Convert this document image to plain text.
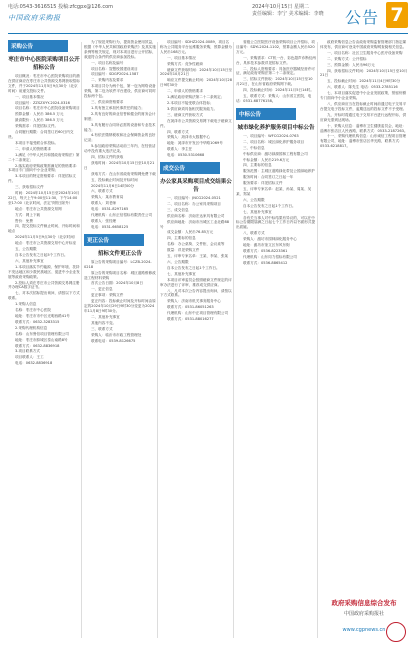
电话:0543-3616515 投稿:zfcgpx@126.com
中国政府采购报
2024年10月15日 星期二
责任编辑：李宁 美术编辑：李晓 公告 7
采购公告
枣庄市中心医院采购项目公开招标公告
项目概况：枣庄市中心医院采购项目的潜在供应商应在枣庄市公共资源交易网获取招标文件，并于2024年11月5日9点30分（北京时间）前递交投标文件。
一、项目基本情况
项目编号：ZZSZXYY-2024-0316
项目名称：枣庄市中心医院设备采购项目
预算金额：人民币 386.5 万元
最高限价：人民币 386.5 万元
采购需求：详见招标文件。
合同履行期限：合同签订后60日内交货。
本项目不接受联合体投标。
二、申请人的资格要求
1.满足《中华人民共和国政府采购法》第二十二条规定；
2.落实政府采购政策需满足的资格要求：本项目专门面向中小企业采购；
3.本项目的特定资格要求：详见招标文件。
三、获取招标文件
时间：2024年10月15日至2024年10月22日，每天上午9:00至11:30，下午14:00至17:00（北京时间，法定节假日除外）
地点：枣庄市公共资源交易网
方式：网上下载
售价：免费
四、提交投标文件截止时间、开标时间和地点
2024年11月5日9点30分（北京时间）
地点：枣庄市公共资源交易中心开标室
五、公告期限
自本公告发布之日起5个工作日。
六、其他补充事宜
1.本项目落实节约能源、保护环境、扶持不发达地区和少数民族地区、促进中小企业发展等政府采购政策。
2.投标人须在枣庄市公共资源交易网注册并办理CA数字证书。
七、对本次招标提出询问，请按以下方式联系。
1.采购人信息
名称：枣庄市中心医院
地址：枣庄市市中区光明西路41号
联系方式：0632-3283315
2.采购代理机构信息
名称：山东鲁信项目管理有限公司
地址：枣庄市薛城区泰山南路8号
联系方式：0632-8836918
3.项目联系方式
项目联系人：王工
电话：0632-8836918
为了规范采购行为，提高资金使用效益，根据《中华人民共和国政府采购法》及其实施条例等相关规定，现对本项目进行公开招标，欢迎符合条件的供应商参加投标。
一、项目名称及编号
项目名称：智慧校园建设项目
项目编号：SDGP2024-1587
二、采购内容及要求
本项目共分为两个包，第一包为网络设备采购，第二包为软件平台建设，供应商可同时投标两个包。
三、供应商资格要求
1.具有独立承担民事责任的能力；
2.具有良好的商业信誉和健全的财务会计制度；
3.具有履行合同所必需的设备和专业技术能力；
4.有依法缴纳税收和社会保障资金的良好记录；
5.参加政府采购活动前三年内，在经营活动中没有重大违法记录。
四、招标文件的获取
获取时间：2024年10月15日至10月21日
获取方式：在山东省政府采购网免费下载
五、投标截止时间及开标时间
2024年11月6日14时00分
六、联系方式
采购人：某市教育局
联系人：刘老师
电话：0531-8297165
代理机构：山东正信招标有限责任公司
联系人：张经理
电话：0531-6658125
更正公告
招标文件更正公告
原公告的采购项目编号：LCZB-2024-0218
原公告的采购项目名称：城区道路维修改造工程材料采购
首次公告日期：2024年10月8日
一、更正信息
更正事项：采购文件
更正内容：投标截止时间及开标时间由原定的2024年10月29日9时30分变更为2024年11月8日9时30分。
二、其他补充事宜
其他内容不变。
三、联系方式
采购人：临沂市市政工程管理处
联系电话：0539-8126675
项目编号：SDHZ2024-0089，项目名称为公共服务平台运维服务采购，预算金额为人民币168万元。
一、项目基本情况
采购方式：竞争性磋商
磋商文件获取时间：2024年10月15日至2024年10月21日
响应文件提交截止时间：2024年10月28日9时30分
二、申请人的资格要求
1.满足政府采购法第二十二条规定；
2.本项目不接受联合体投标；
3.供应商须具备相关服务能力。
三、磋商文件获取方式
在菏泽市公共资源交易网下载电子磋商文件。
四、联系方式
采购人：菏泽市大数据中心
地址：菏泽市开发区中华路1069号
联系人：李主任
电话：0530-5310668
成交公告
办公家具采购项目成交结果公告
一、项目编号：JNCG2024-0521
二、项目名称：办公家具采购项目
三、成交信息
供应商名称：济南宏达家具有限公司
供应商地址：济南市历城区工业北路88号
成交金额：人民币76.85万元
四、主要标的信息
名称：办公桌椅、文件柜、会议桌等
数量：详见采购文件
五、评审专家名单：王某、李某、张某
六、公告期限
自本公告发布之日起1个工作日。
七、其他补充事宜
本项目评审委员会按照磋商文件规定的评审办法进行了评审，推荐成交供应商。
八、凡对本次公告内容提出询问，请按以下方式联系。
采购人：济南市机关事务服务中心
联系方式：0531-86051263
代理机构：山东中正项目管理有限公司
联系方式：0531-88016277
省级公立医院医疗设备采购项目公开招标，项目编号：SDYL2024-1102，预算金额人民币520万元。
一、采购需求：CT机一台、彩色超声诊断仪两台，具体技术参数详见招标文件。
二、投标人资格要求：具备医疗器械经营许可证，满足政府采购法第二十二条规定。
三、招标文件获取：2024年10月15日至10月21日，在山东省政府采购网下载。
四、投标截止时间：2024年11月5日14时。
五、联系方式：采购人：山东省立医院，电话：0531-68776158。
中标公告
城市绿化养护服务项目中标公告
一、项目编号：WFCG2024-0763
二、项目名称：城区绿化养护服务项目
三、中标信息
中标供应商：潍坊绿源园林工程有限公司
中标金额：人民币219.6万元
四、主要标的信息
服务范围：主城区道路绿化带及公园绿地养护
服务时间：合同签订之日起一年
服务要求：详见招标文件
五、评审专家名单：赵某、孙某、周某、吴某、郑某
六、公告期限
自本公告发布之日起1个工作日。
七、其他补充事宜
各有关当事人对中标结果有异议的，可以在中标公告期限届满之日起七个工作日内以书面形式提出质疑。
八、联系方式
采购人：潍坊市园林绿化服务中心
地址：潍坊市奎文区东风东街
联系方式：0536-8223361
代理机构：山东同力招标有限公司
联系方式：0536-8865412
政府采购信息公告由政府采购监督管理部门指定媒体发布，供应商可登录中国政府采购网查阅相关信息。
一、项目名称：社区卫生服务中心医疗设备采购
二、采购方式：公开招标
三、预算金额：人民币96万元
四、获取招标文件时间：2024年10月15日至10月21日
五、投标截止时间：2024年11月4日9时30分
六、联系人：陈先生 电话：0533-2785116
七、本项目落实促进中小企业发展政策，预留份额专门面向中小企业采购。
八、供应商应当在投标截止时间前通过电子交易平台提交电子投标文件，逾期送达的投标文件不予受理。
九、开标时将通过电子交易平台进行远程开标，供应商无需到达现场。
十、采购人信息：淄博市卫生健康委员会，地址：淄博市张店区人民西路，联系方式：0533-2187263。
十一、采购代理机构信息：山东诚信工程项目管理有限公司，地址：淄博市张店区华光路，联系方式：0533-6218817。
政府采购信息综合发布
中国政府采购报社
www.cgpnews.cn
